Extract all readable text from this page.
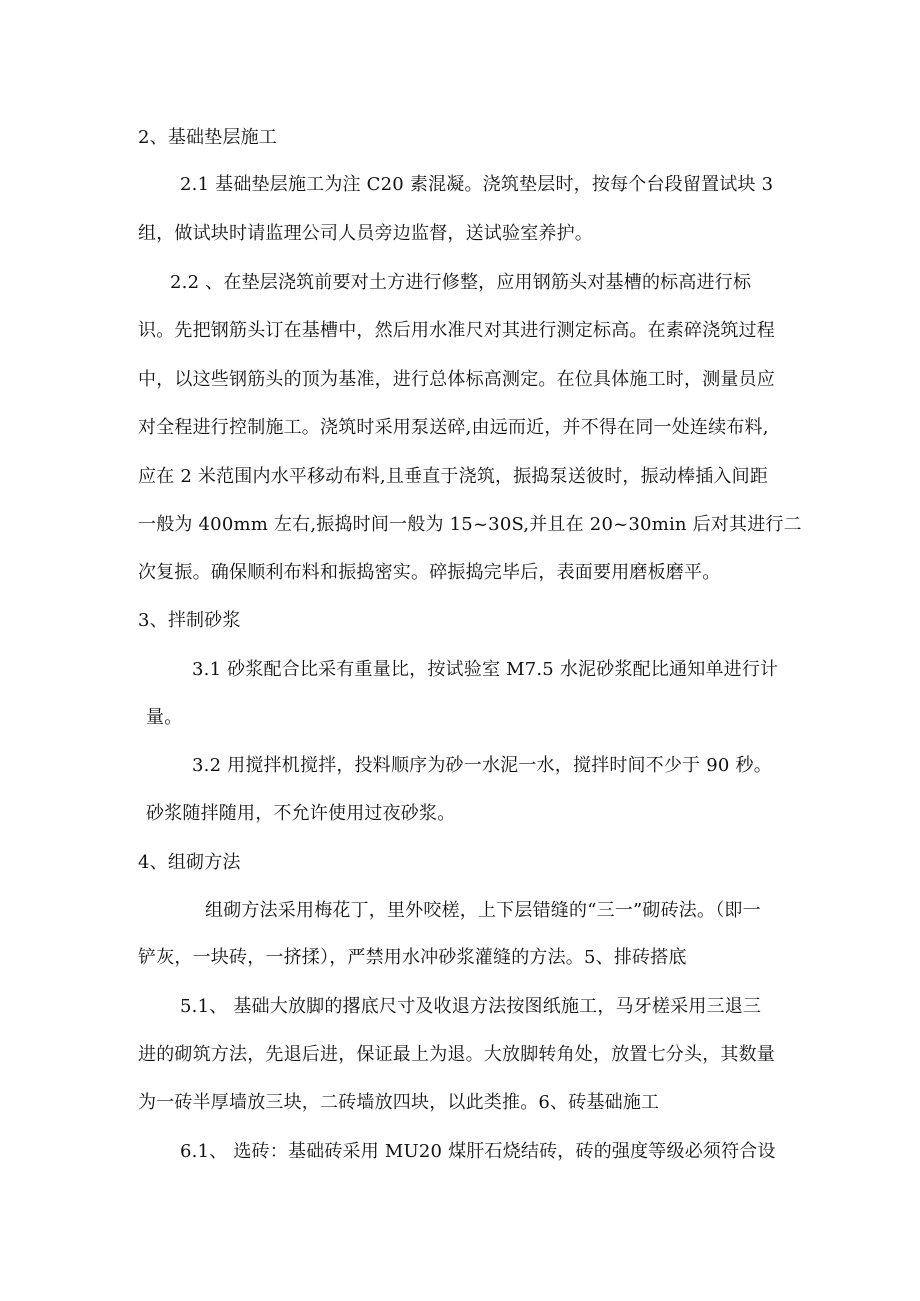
2、基础垫层施工
2.1 基础垫层施工为注 C20 素混凝。浇筑垫层时，按每个台段留置试块 3
组，做试块时请监理公司人员旁边监督，送试验室养护。
2.2 、在垫层浇筑前要对土方进行修整，应用钢筋头对基槽的标高进行标
识。先把钢筋头订在基槽中，然后用水准尺对其进行测定标高。在素碎浇筑过程
中，以这些钢筋头的顶为基准，进行总体标高测定。在位具体施工时，测量员应
对全程进行控制施工。浇筑时采用泵送碎,由远而近，并不得在同一处连续布料,
应在 2 米范围内水平移动布料,且垂直于浇筑，振捣泵送彼时，振动棒插入间距
一般为 400mm 左右,振捣时间一般为 15~30S,并且在 20~30min 后对其进行二
次复振。确保顺利布料和振捣密实。碎振捣完毕后，表面要用磨板磨平。
3、拌制砂浆
3.1 砂浆配合比采有重量比，按试验室 M7.5 水泥砂浆配比通知单进行计
量。
3.2 用搅拌机搅拌，投料顺序为砂一水泥一水，搅拌时间不少于 90 秒。
砂浆随拌随用，不允许使用过夜砂浆。
4、组砌方法
组砌方法采用梅花丁，里外咬槎，上下层错缝的“三一”砌砖法。（即一
铲灰，一块砖，一挤揉），严禁用水冲砂浆灌缝的方法。5、排砖搭底
5.1、 基础大放脚的撂底尺寸及收退方法按图纸施工，马牙槎采用三退三
进的砌筑方法，先退后进，保证最上为退。大放脚转角处，放置七分头，其数量
为一砖半厚墙放三块，二砖墙放四块，以此类推。6、砖基础施工
6.1、 选砖：基础砖采用 MU20 煤肝石烧结砖，砖的强度等级必须符合设
